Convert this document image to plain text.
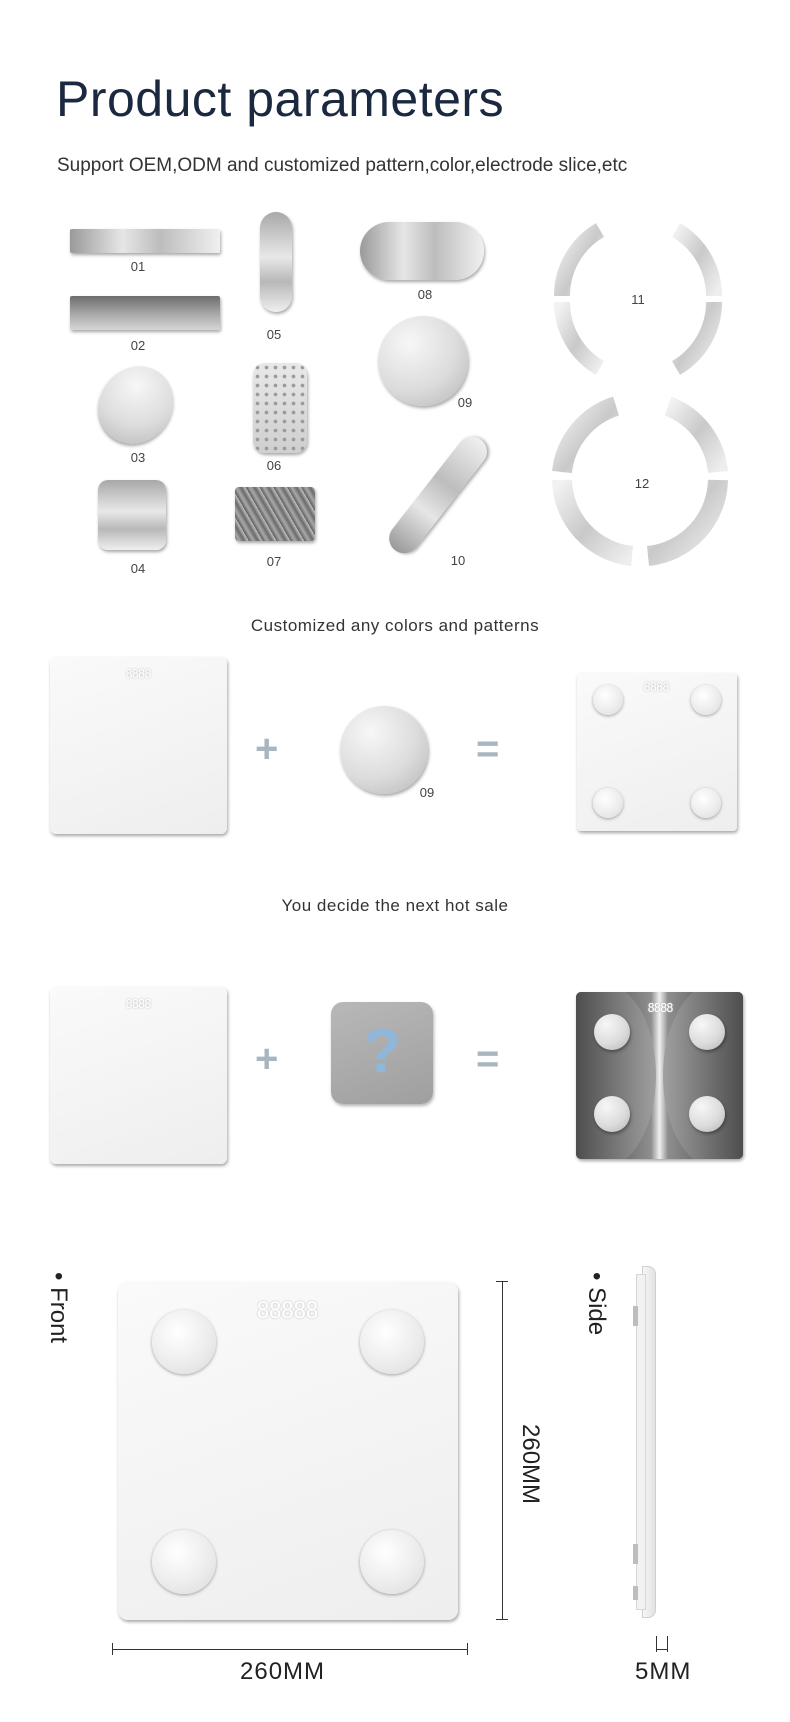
Product parameters

Support OEM,ODM and customized pattern,color,electrode slice,etc

01
02
03
04
05
06
07
08
09
10
11
12

Customized any colors and patterns

8888
+
09
=
8888

You decide the next hot sale

8888
+	?	=
8888
• Front	88888
260MM
260MM
• Side
5MM
